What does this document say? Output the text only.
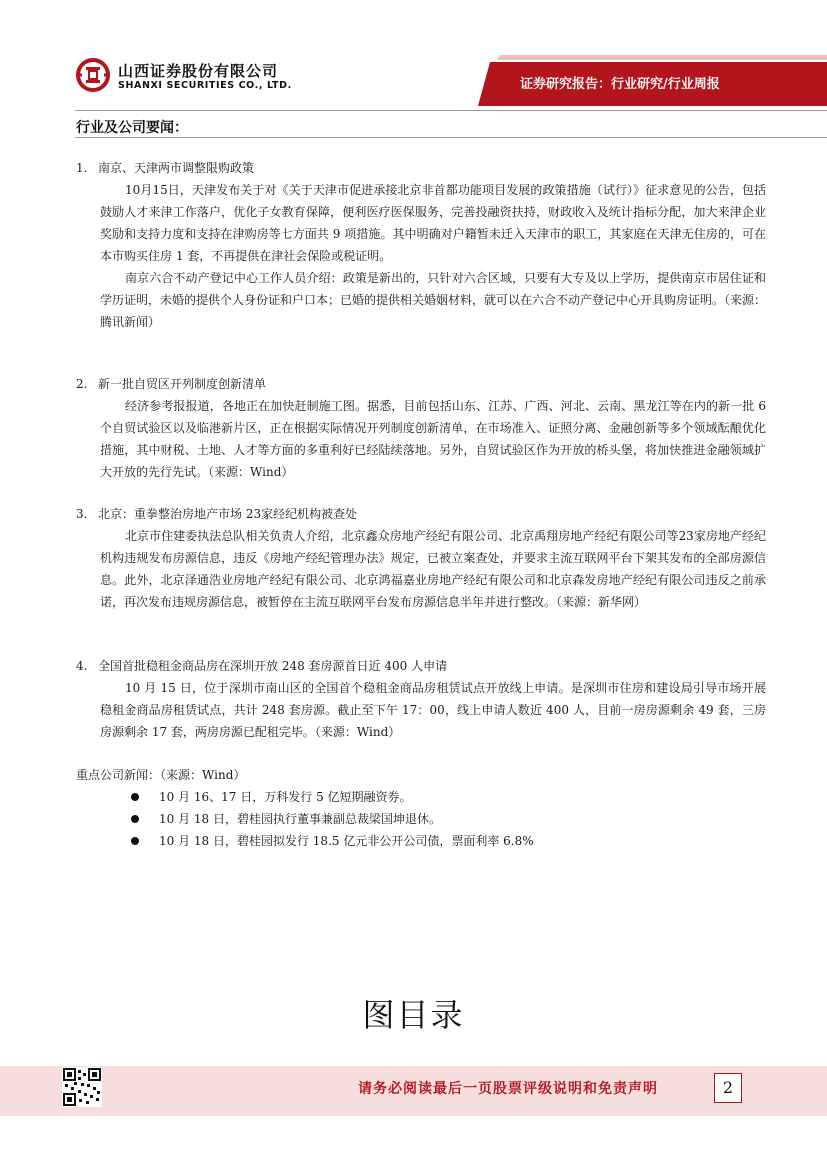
山西证券股份有限公司
SHANXI SECURITIES CO., LTD.	证券研究报告：行业研究/行业周报
行业及公司要闻：

1. 南京、天津两市调整限购政策

10月15日，天津发布关于对《关于天津市促进承接北京非首都功能项目发展的政策措施（试行）》征求意见的公告，包括鼓励人才来津工作落户，优化子女教育保障，便利医疗医保服务，完善投融资扶持，财政收入及统计指标分配，加大来津企业奖励和支持力度和支持在津购房等七方面共 9 项措施。其中明确对户籍暂未迁入天津市的职工，其家庭在天津无住房的，可在本市购买住房 1 套，不再提供在津社会保险或税证明。

南京六合不动产登记中心工作人员介绍：政策是新出的，只针对六合区域，只要有大专及以上学历，提供南京市居住证和学历证明，未婚的提供个人身份证和户口本；已婚的提供相关婚姻材料，就可以在六合不动产登记中心开具购房证明。（来源：腾讯新闻）

2. 新一批自贸区开列制度创新清单

经济参考报报道，各地正在加快赶制施工图。据悉，目前包括山东、江苏、广西、河北、云南、黑龙江等在内的新一批 6 个自贸试验区以及临港新片区，正在根据实际情况开列制度创新清单，在市场准入、证照分离、金融创新等多个领域酝酿优化措施，其中财税、土地、人才等方面的多重利好已经陆续落地。另外，自贸试验区作为开放的桥头堡，将加快推进金融领域扩大开放的先行先试。（来源：Wind）

3. 北京：重拳整治房地产市场 23家经纪机构被查处

北京市住建委执法总队相关负责人介绍，北京鑫众房地产经纪有限公司、北京禹翔房地产经纪有限公司等23家房地产经纪机构违规发布房源信息，违反《房地产经纪管理办法》规定，已被立案查处，并要求主流互联网平台下架其发布的全部房源信息。此外，北京泽通浩业房地产经纪有限公司、北京鸿福嘉业房地产经纪有限公司和北京森发房地产经纪有限公司违反之前承诺，再次发布违规房源信息，被暂停在主流互联网平台发布房源信息半年并进行整改。（来源：新华网）

4. 全国首批稳租金商品房在深圳开放 248 套房源首日近 400 人申请

10 月 15 日，位于深圳市南山区的全国首个稳租金商品房租赁试点开放线上申请。是深圳市住房和建设局引导市场开展稳租金商品房租赁试点，共计 248 套房源。截止至下午 17：00，线上申请人数近 400 人，目前一房房源剩余 49 套，三房房源剩余 17 套，两房房源已配租完毕。（来源：Wind）

重点公司新闻：（来源：Wind）

10 月 16、17 日，万科发行 5 亿短期融资券。
10 月 18 日，碧桂园执行董事兼副总裁梁国坤退休。
10 月 18 日，碧桂园拟发行 18.5 亿元非公开公司债，票面利率 6.8%
图目录
请务必阅读最后一页股票评级说明和免责声明	2
